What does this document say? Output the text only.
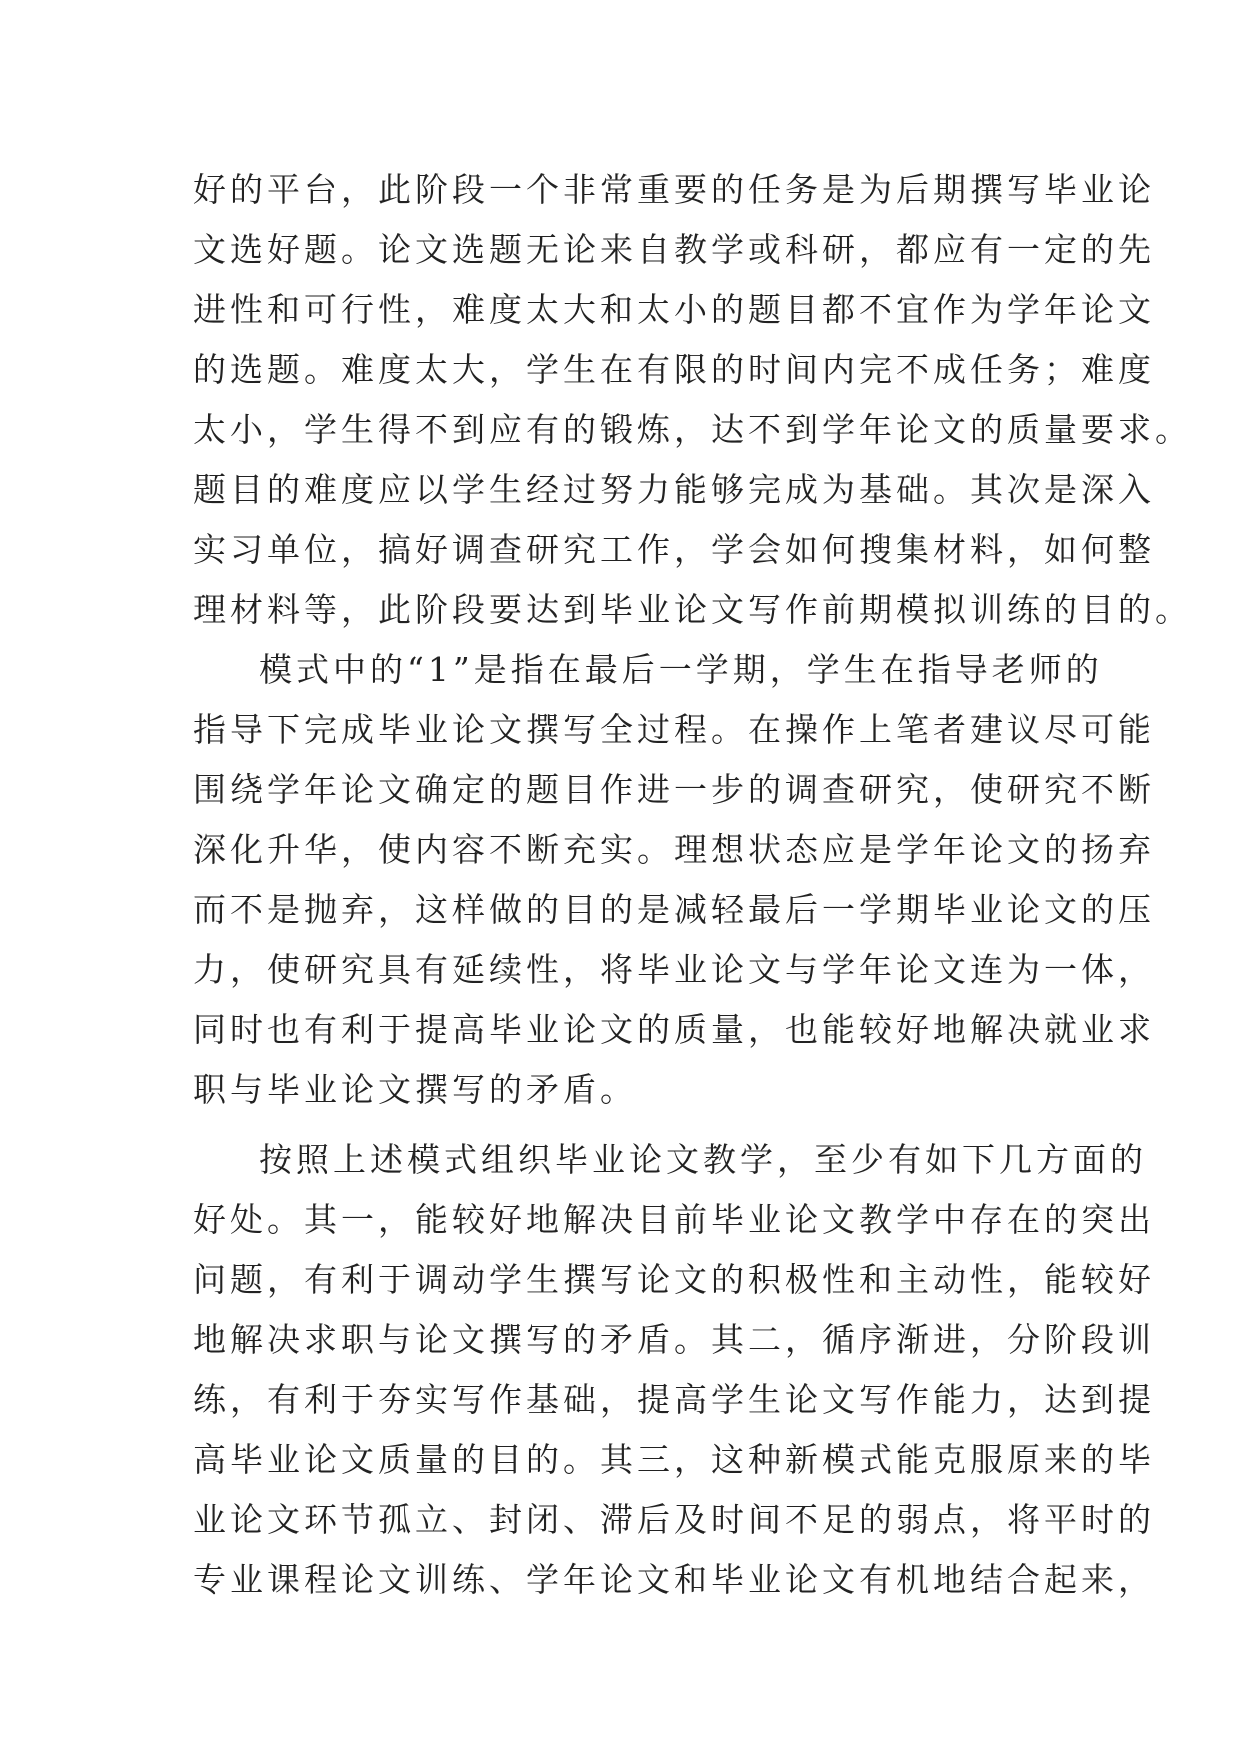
好的平台，此阶段一个非常重要的任务是为后期撰写毕业论
文选好题。论文选题无论来自教学或科研，都应有一定的先
进性和可行性，难度太大和太小的题目都不宜作为学年论文
的选题。难度太大，学生在有限的时间内完不成任务；难度
太小，学生得不到应有的锻炼，达不到学年论文的质量要求。
题目的难度应以学生经过努力能够完成为基础。其次是深入
实习单位，搞好调查研究工作，学会如何搜集材料，如何整
理材料等，此阶段要达到毕业论文写作前期模拟训练的目的。
模式中的“1”是指在最后一学期，学生在指导老师的
指导下完成毕业论文撰写全过程。在操作上笔者建议尽可能
围绕学年论文确定的题目作进一步的调查研究，使研究不断
深化升华，使内容不断充实。理想状态应是学年论文的扬弃
而不是抛弃，这样做的目的是减轻最后一学期毕业论文的压
力，使研究具有延续性，将毕业论文与学年论文连为一体，
同时也有利于提高毕业论文的质量，也能较好地解决就业求
职与毕业论文撰写的矛盾。
按照上述模式组织毕业论文教学，至少有如下几方面的
好处。其一，能较好地解决目前毕业论文教学中存在的突出
问题，有利于调动学生撰写论文的积极性和主动性，能较好
地解决求职与论文撰写的矛盾。其二，循序渐进，分阶段训
练，有利于夯实写作基础，提高学生论文写作能力，达到提
高毕业论文质量的目的。其三，这种新模式能克服原来的毕
业论文环节孤立、封闭、滞后及时间不足的弱点，将平时的
专业课程论文训练、学年论文和毕业论文有机地结合起来，
